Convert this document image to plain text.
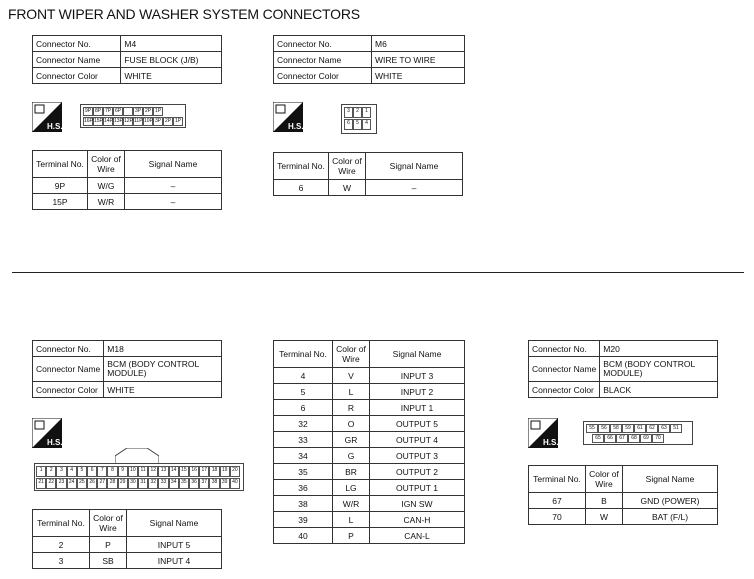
FRONT WIPER AND WASHER SYSTEM CONNECTORS
Connector No.	M4
Connector Name	FUSE BLOCK (J/B)
Connector Color	WHITE
H.S.
9P 8P 7P 6P	3P 2P 1P
16P 15P 14P 13P 12P 11P 10P 3P 2P 1P
Terminal No.	Color of Wire	Signal Name
9P	W/G	–
15P	W/R	–
Connector No.	M6
Connector Name	WIRE TO WIRE
Connector Color	WHITE
H.S.
3	2	1
6	5	4
Terminal No.	Color of Wire	Signal Name
6	W	–
Connector No.	M18
Connector Name	BCM (BODY CONTROL MODULE)
Connector Color	WHITE
H.S.
1	2	3	4	5	6	7	8	9	10 11 12 13 14 15 16 17 18 19 20
21 22 23 24 25 26 27 28 29 30 31 32 33 34 35 36 37 38 39 40
Terminal No.	Color of Wire	Signal Name
2	P	INPUT 5
3	SB	INPUT 4
Terminal No.	Color of Wire	Signal Name
4	V	INPUT 3
5	L	INPUT 2
6	R	INPUT 1
32	O	OUTPUT 5
33	GR	OUTPUT 4
34	G	OUTPUT 3
35	BR	OUTPUT 2
36	LG	OUTPUT 1
38	W/R	IGN SW
39	L	CAN-H
40	P	CAN-L
Connector No.	M20
Connector Name	BCM (BODY CONTROL MODULE)
Connector Color	BLACK
H.S.
55	56	58	59	61	62	63	51
65	66	67	68	69	70
Terminal No.	Color of Wire	Signal Name
67	B	GND (POWER)
70	W	BAT (F/L)
